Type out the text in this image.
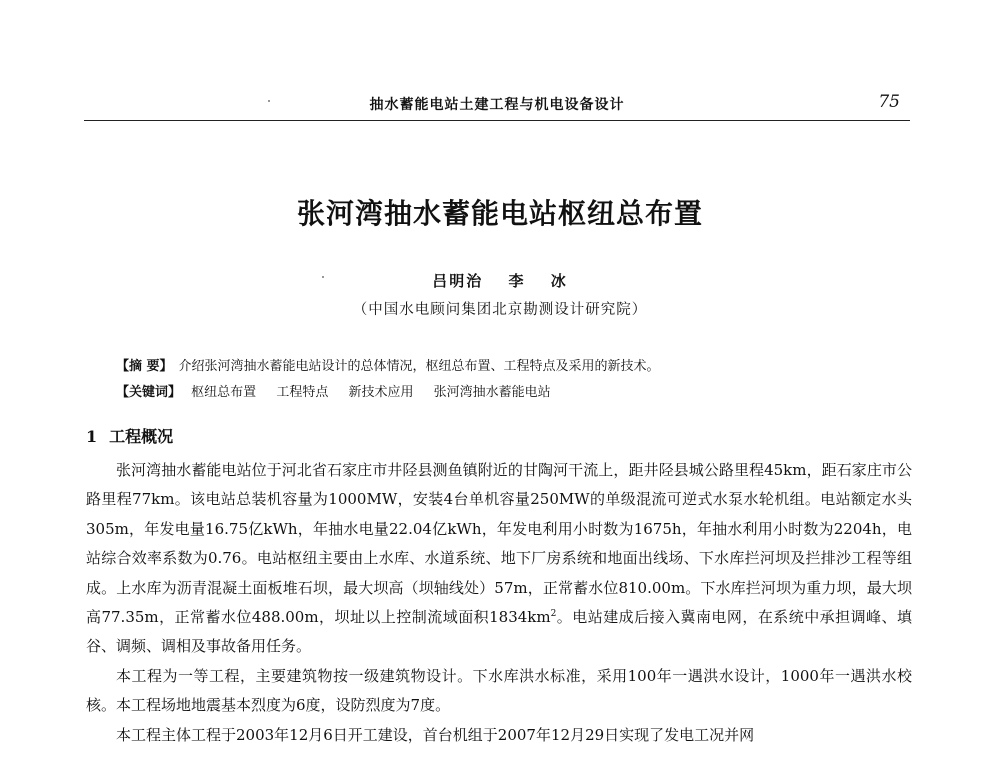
抽水蓄能电站土建工程与机电设备设计	75
张河湾抽水蓄能电站枢纽总布置
吕明治 李 冰
（中国水电顾问集团北京勘测设计研究院）
【摘 要】 介绍张河湾抽水蓄能电站设计的总体情况，枢纽总布置、工程特点及采用的新技术。
【关键词】 枢纽总布置 工程特点 新技术应用 张河湾抽水蓄能电站
1 工程概况

张河湾抽水蓄能电站位于河北省石家庄市井陉县测鱼镇附近的甘陶河干流上，距井陉县城公路里程45km，距石家庄市公路里程77km。该电站总装机容量为1000MW，安装4台单机容量250MW的单级混流可逆式水泵水轮机组。电站额定水头305m，年发电量16.75亿kWh，年抽水电量22.04亿kWh，年发电利用小时数为1675h，年抽水利用小时数为2204h，电站综合效率系数为0.76。电站枢纽主要由上水库、水道系统、地下厂房系统和地面出线场、下水库拦河坝及拦排沙工程等组成。上水库为沥青混凝土面板堆石坝，最大坝高（坝轴线处）57m，正常蓄水位810.00m。下水库拦河坝为重力坝，最大坝高77.35m，正常蓄水位488.00m，坝址以上控制流域面积$1834km^2$。电站建成后接入冀南电网，在系统中承担调峰、填谷、调频、调相及事故备用任务。

本工程为一等工程，主要建筑物按一级建筑物设计。下水库洪水标准，采用100年一遇洪水设计，1000年一遇洪水校核。本工程场地地震基本烈度为6度，设防烈度为7度。

本工程主体工程于2003年12月6日开工建设，首台机组于2007年12月29日实现了发电工况并网
